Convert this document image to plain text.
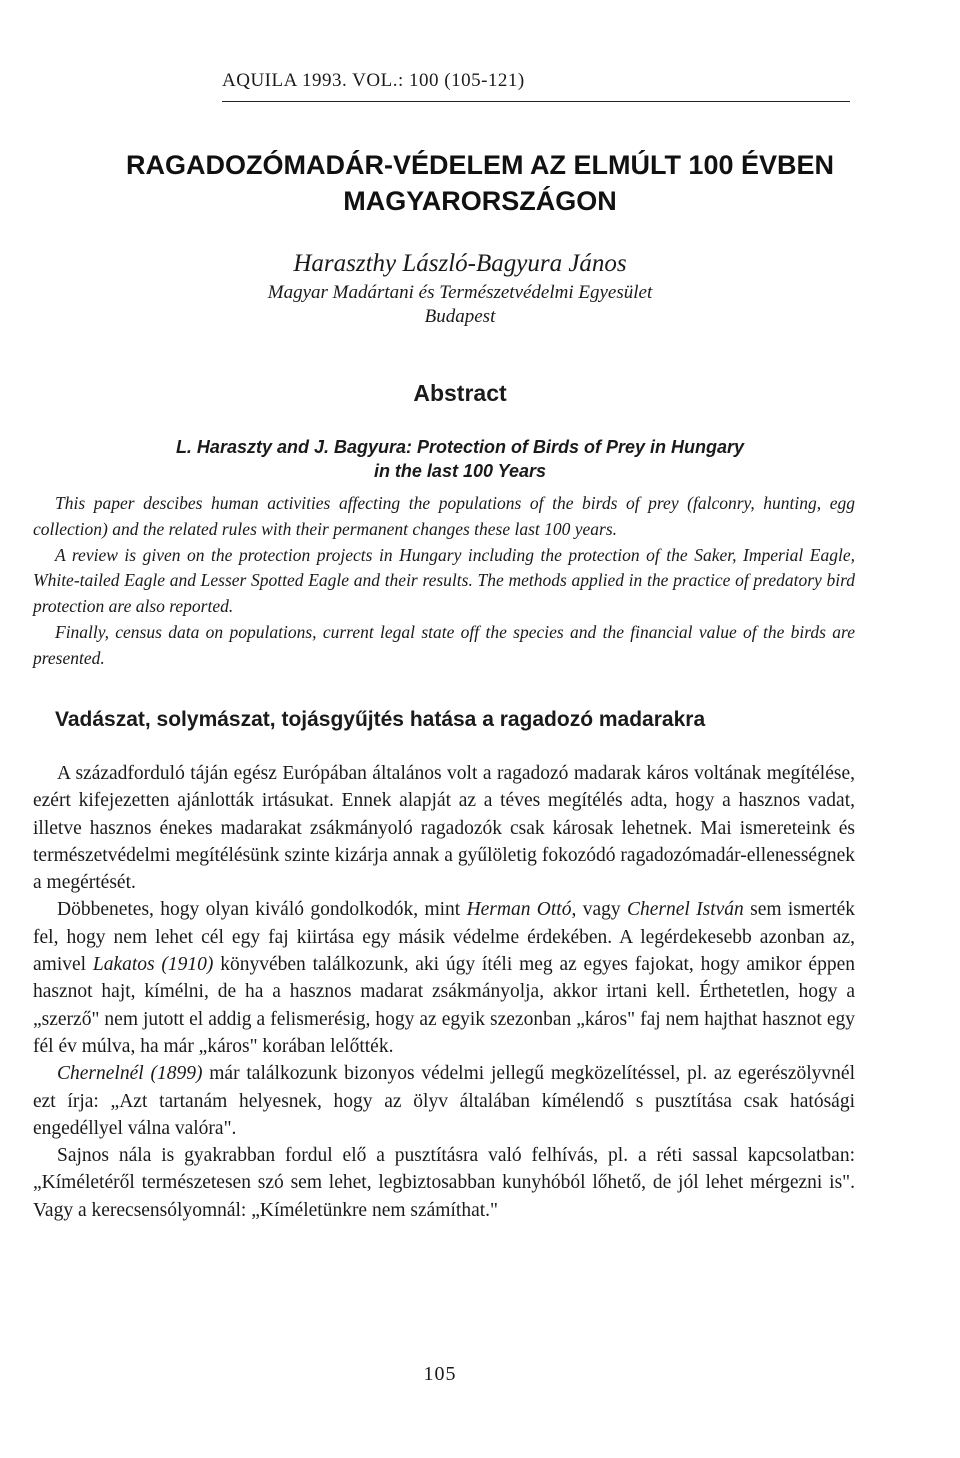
AQUILA 1993. VOL.: 100 (105-121)
RAGADOZÓMADÁR-VÉDELEM AZ ELMÚLT 100 ÉVBEN
MAGYARORSZÁGON
Haraszthy László-Bagyura János
Magyar Madártani és Természetvédelmi Egyesület
Budapest
Abstract
L. Haraszty and J. Bagyura: Protection of Birds of Prey in Hungary
in the last 100 Years

This paper descibes human activities affecting the populations of the birds of prey (falconry, hunting, egg collection) and the related rules with their permanent changes these last 100 years.

A review is given on the protection projects in Hungary including the protection of the Saker, Imperial Eagle, White-tailed Eagle and Lesser Spotted Eagle and their results. The methods applied in the practice of predatory bird protection are also reported.

Finally, census data on populations, current legal state off the species and the financial value of the birds are presented.

Vadászat, solymászat, tojásgyűjtés hatása a ragadozó madarakra

A századforduló táján egész Európában általános volt a ragadozó madarak káros voltának megítélése, ezért kifejezetten ajánlották irtásukat. Ennek alapját az a téves megítélés adta, hogy a hasznos vadat, illetve hasznos énekes madarakat zsákmányoló ragadozók csak károsak lehetnek. Mai ismereteink és természetvédelmi megítélésünk szinte kizárja annak a gyűlöletig fokozódó ragadozómadár-ellenességnek a megértését.

Döbbenetes, hogy olyan kiváló gondolkodók, mint Herman Ottó, vagy Chernel István sem ismerték fel, hogy nem lehet cél egy faj kiirtása egy másik védelme érdekében. A legérdekesebb azonban az, amivel Lakatos (1910) könyvében találkozunk, aki úgy ítéli meg az egyes fajokat, hogy amikor éppen hasznot hajt, kímélni, de ha a hasznos madarat zsákmányolja, akkor irtani kell. Érthetetlen, hogy a „szerző" nem jutott el addig a felismerésig, hogy az egyik szezonban „káros" faj nem hajthat hasznot egy fél év múlva, ha már „káros" korában lelőtték.

Chernelnél (1899) már találkozunk bizonyos védelmi jellegű megközelítéssel, pl. az egerészölyvnél ezt írja: „Azt tartanám helyesnek, hogy az ölyv általában kímélendő s pusztítása csak hatósági engedéllyel válna valóra".

Sajnos nála is gyakrabban fordul elő a pusztításra való felhívás, pl. a réti sassal kapcsolatban: „Kíméletéről természetesen szó sem lehet, legbiztosabban kunyhóból lőhető, de jól lehet mérgezni is". Vagy a kerecsensólyomnál: „Kíméletünkre nem számíthat."

105
